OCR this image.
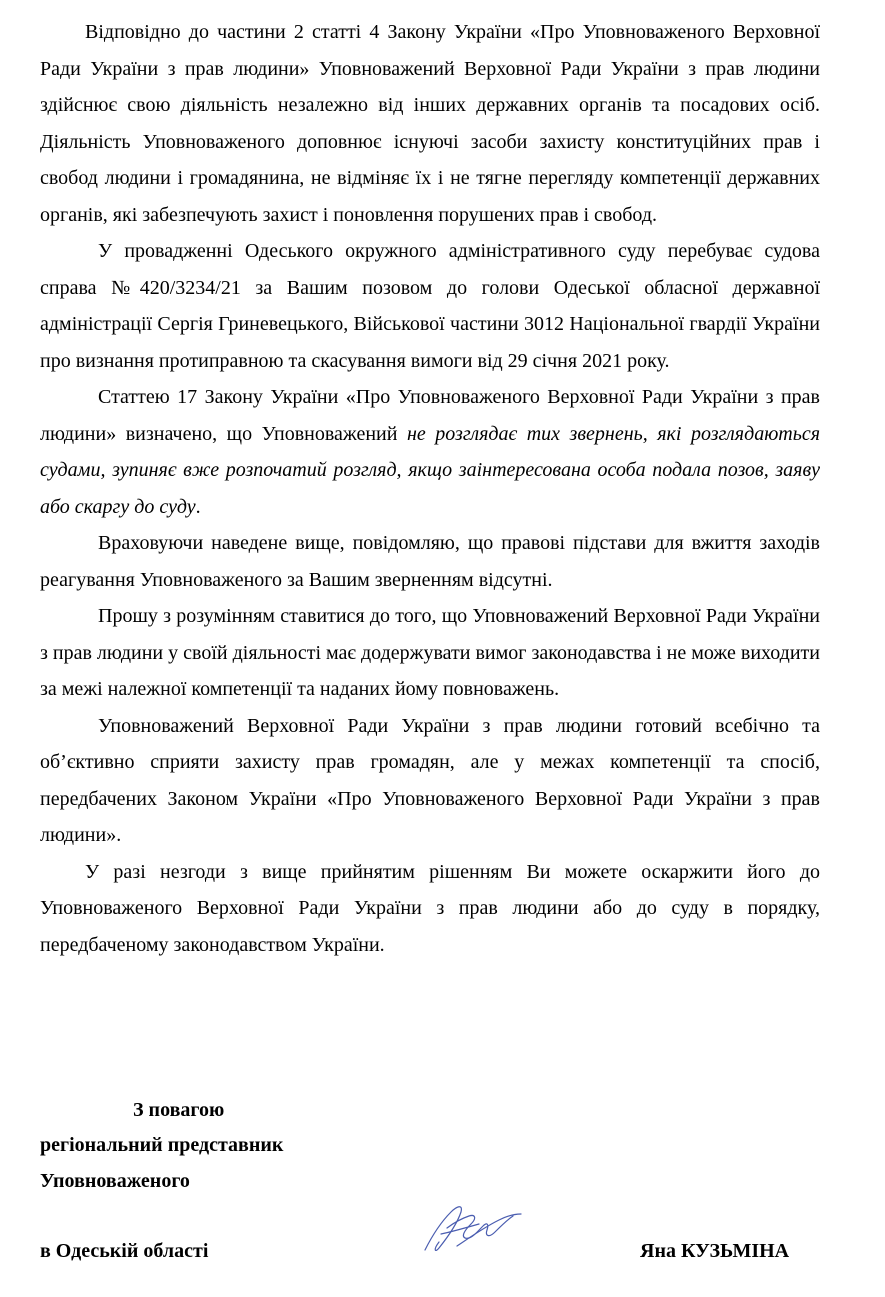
Відповідно до частини 2 статті 4 Закону України «Про Уповноваженого Верховної Ради України з прав людини» Уповноважений Верховної Ради України з прав людини здійснює свою діяльність незалежно від інших державних органів та посадових осіб. Діяльність Уповноваженого доповнює існуючі засоби захисту конституційних прав і свобод людини і громадянина, не відміняє їх і не тягне перегляду компетенції державних органів, які забезпечують захист і поновлення порушених прав і свобод.

У провадженні Одеського окружного адміністративного суду перебуває судова справа №420/3234/21 за Вашим позовом до голови Одеської обласної державної адміністрації Сергія Гриневецького, Військової частини 3012 Національної гвардії України про визнання протиправною та скасування вимоги від 29 січня 2021 року.

Статтею 17 Закону України «Про Уповноваженого Верховної Ради України з прав людини» визначено, що Уповноважений не розглядає тих звернень, які розглядаються судами, зупиняє вже розпочатий розгляд, якщо заінтересована особа подала позов, заяву або скаргу до суду.

Враховуючи наведене вище, повідомляю, що правові підстави для вжиття заходів реагування Уповноваженого за Вашим зверненням відсутні.

Прошу з розумінням ставитися до того, що Уповноважений Верховної Ради України з прав людини у своїй діяльності має додержувати вимог законодавства і не може виходити за межі належної компетенції та наданих йому повноважень.

Уповноважений Верховної Ради України з прав людини готовий всебічно та об’єктивно сприяти захисту прав громадян, але у межах компетенції та спосіб, передбачених Законом України «Про Уповноваженого Верховної Ради України з прав людини».

У разі незгоди з вище прийнятим рішенням Ви можете оскаржити його до Уповноваженого Верховної Ради України з прав людини або до суду в порядку, передбаченому законодавством України.

З повагою
регіональний представник
Уповноваженого
в Одеській області	Яна КУЗЬМІНА
